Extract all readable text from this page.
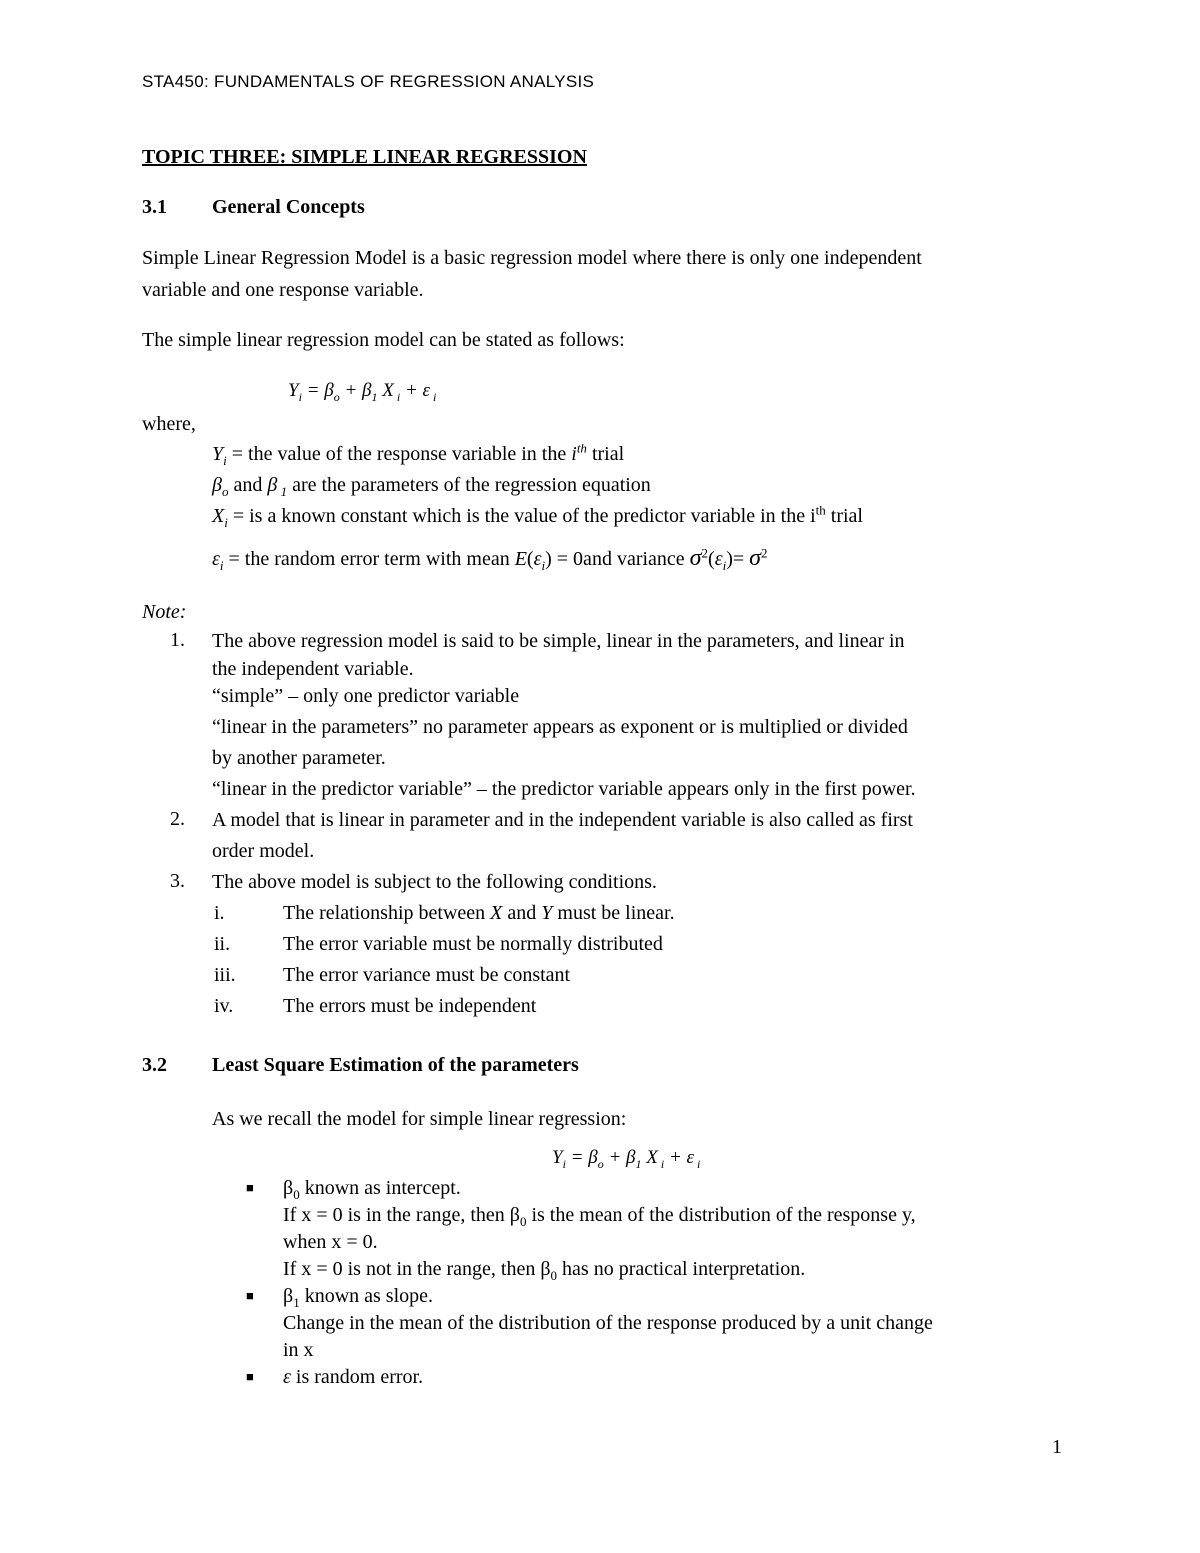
STA450: FUNDAMENTALS OF REGRESSION ANALYSIS
TOPIC THREE: SIMPLE LINEAR REGRESSION
3.1 General Concepts
Simple Linear Regression Model is a basic regression model where there is only one independent
variable and one response variable.
The simple linear regression model can be stated as follows:
$Y_i = \beta_o + \beta_1$ X $_i$ + ε $_i$
where,
$Y_i$ = the value of the response variable in the $i^{th}$ trial
$\beta_o$ and β $_1$ are the parameters of the regression equation
$X_i$ = is a known constant which is the value of the predictor variable in the $i^{th}$ trial
$\varepsilon_i$ = the random error term with mean $E(\varepsilon_i) = 0and$ variance $\sigma^2(\varepsilon_i)= \sigma^2$
Note:
1. The above regression model is said to be simple, linear in the parameters, and linear in
the independent variable.
“simple” – only one predictor variable
“linear in the parameters” no parameter appears as exponent or is multiplied or divided
by another parameter.
“linear in the predictor variable” – the predictor variable appears only in the first power.
2. A model that is linear in parameter and in the independent variable is also called as first
order model.
3. The above model is subject to the following conditions.
i.	The relationship between X and Y must be linear.
ii.	The error variable must be normally distributed
iii. The error variance must be constant
iv. The errors must be independent
3.2 Least Square Estimation of the parameters
As we recall the model for simple linear regression:
$Y_i = \beta_o + \beta_1$ X $_i$ + ε $_i$
■ $\beta_0$ known as intercept.
If x = 0 is in the range, then $\beta_0$ is the mean of the distribution of the response y,
when x = 0.
If x = 0 is not in the range, then $\beta_0$ has no practical interpretation.
■ $\beta_1$ known as slope.
Change in the mean of the distribution of the response produced by a unit change
in x
■ ε is random error.
1
